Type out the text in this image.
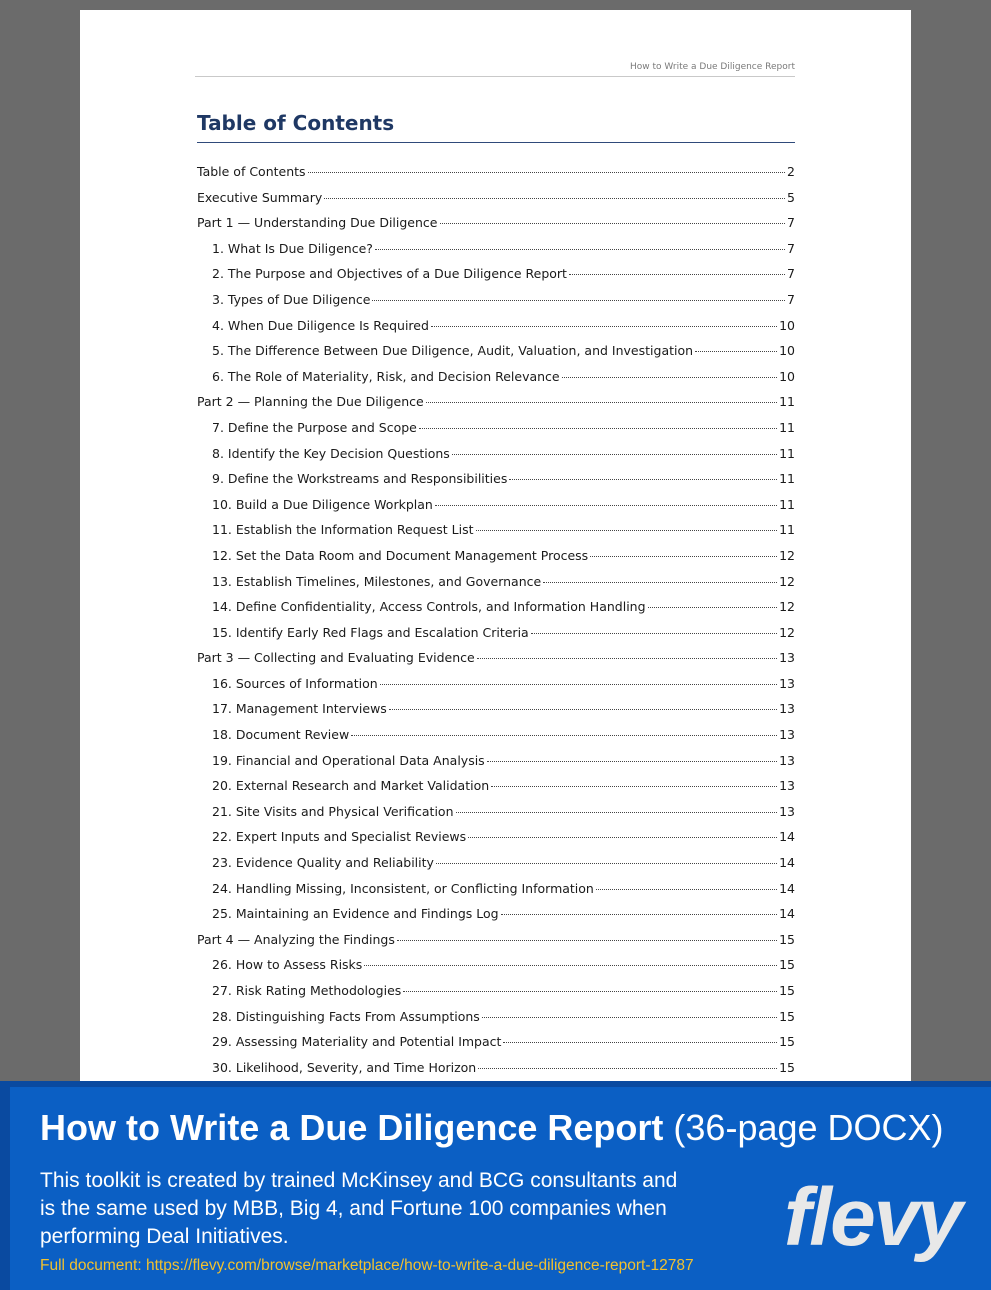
How to Write a Due Diligence Report
Table of Contents
Table of Contents	2
Executive Summary	5
Part 1 — Understanding Due Diligence	7
1. What Is Due Diligence?	7
2. The Purpose and Objectives of a Due Diligence Report	7
3. Types of Due Diligence	7
4. When Due Diligence Is Required	10
5. The Difference Between Due Diligence, Audit, Valuation, and Investigation	10
6. The Role of Materiality, Risk, and Decision Relevance	10
Part 2 — Planning the Due Diligence	11
7. Define the Purpose and Scope	11
8. Identify the Key Decision Questions	11
9. Define the Workstreams and Responsibilities	11
10. Build a Due Diligence Workplan	11
11. Establish the Information Request List	11
12. Set the Data Room and Document Management Process	12
13. Establish Timelines, Milestones, and Governance	12
14. Define Confidentiality, Access Controls, and Information Handling	12
15. Identify Early Red Flags and Escalation Criteria	12
Part 3 — Collecting and Evaluating Evidence	13
16. Sources of Information	13
17. Management Interviews	13
18. Document Review	13
19. Financial and Operational Data Analysis	13
20. External Research and Market Validation	13
21. Site Visits and Physical Verification	13
22. Expert Inputs and Specialist Reviews	14
23. Evidence Quality and Reliability	14
24. Handling Missing, Inconsistent, or Conflicting Information	14
25. Maintaining an Evidence and Findings Log	14
Part 4 — Analyzing the Findings	15
26. How to Assess Risks	15
27. Risk Rating Methodologies	15
28. Distinguishing Facts From Assumptions	15
29. Assessing Materiality and Potential Impact	15
30. Likelihood, Severity, and Time Horizon	15
How to Write a Due Diligence Report (36-page DOCX)

This toolkit is created by trained McKinsey and BCG consultants and is the same used by MBB, Big 4, and Fortune 100 companies when performing Deal Initiatives.

Full document: https://flevy.com/browse/marketplace/how-to-write-a-due-diligence-report-12787

flevy
